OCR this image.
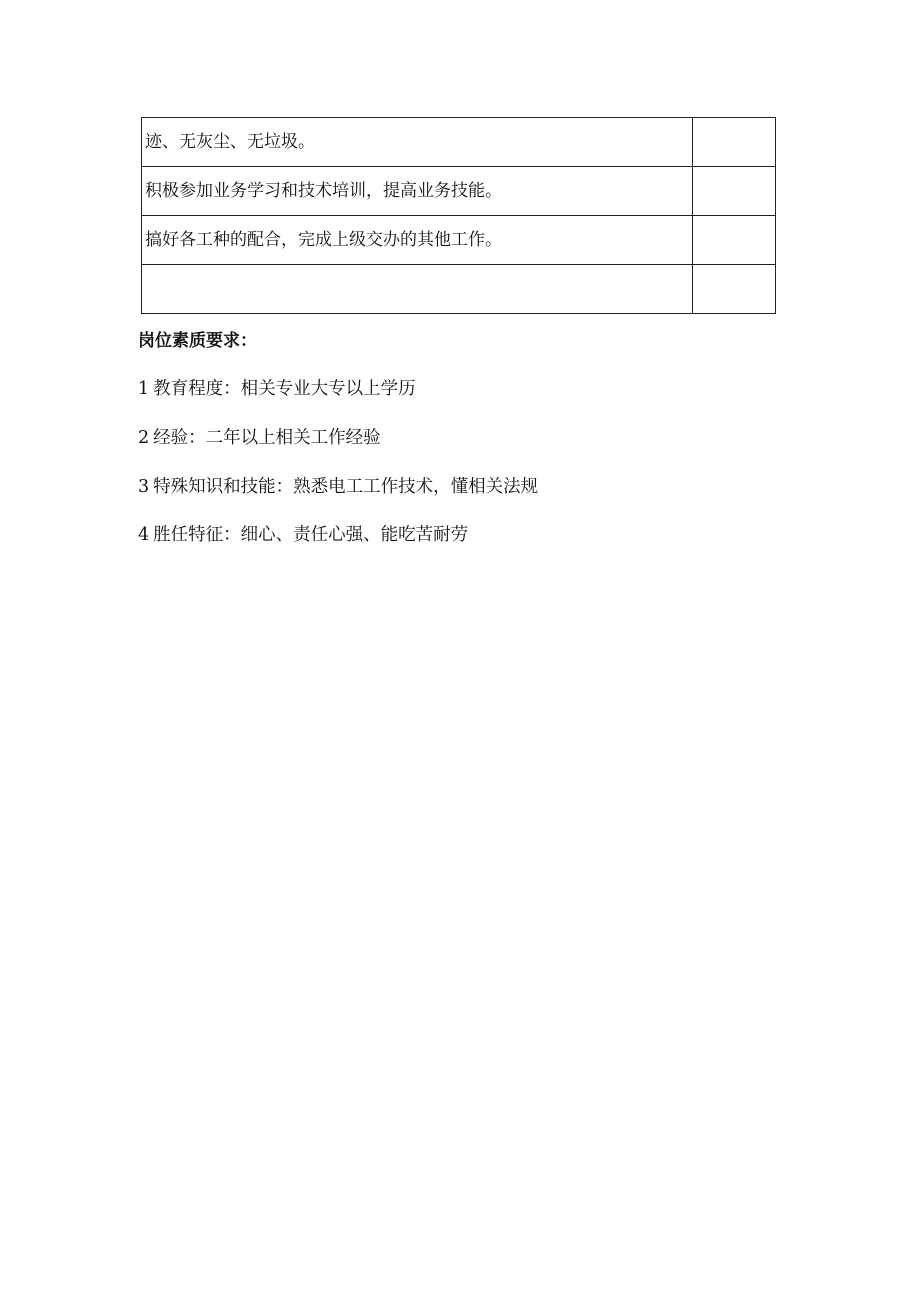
迹、无灰尘、无垃圾。	
积极参加业务学习和技术培训，提高业务技能。	
搞好各工种的配合，完成上级交办的其他工作。	

岗位素质要求：
1 教育程度：相关专业大专以上学历
2 经验：二年以上相关工作经验
3 特殊知识和技能：熟悉电工工作技术，懂相关法规
4 胜任特征：细心、责任心强、能吃苦耐劳
